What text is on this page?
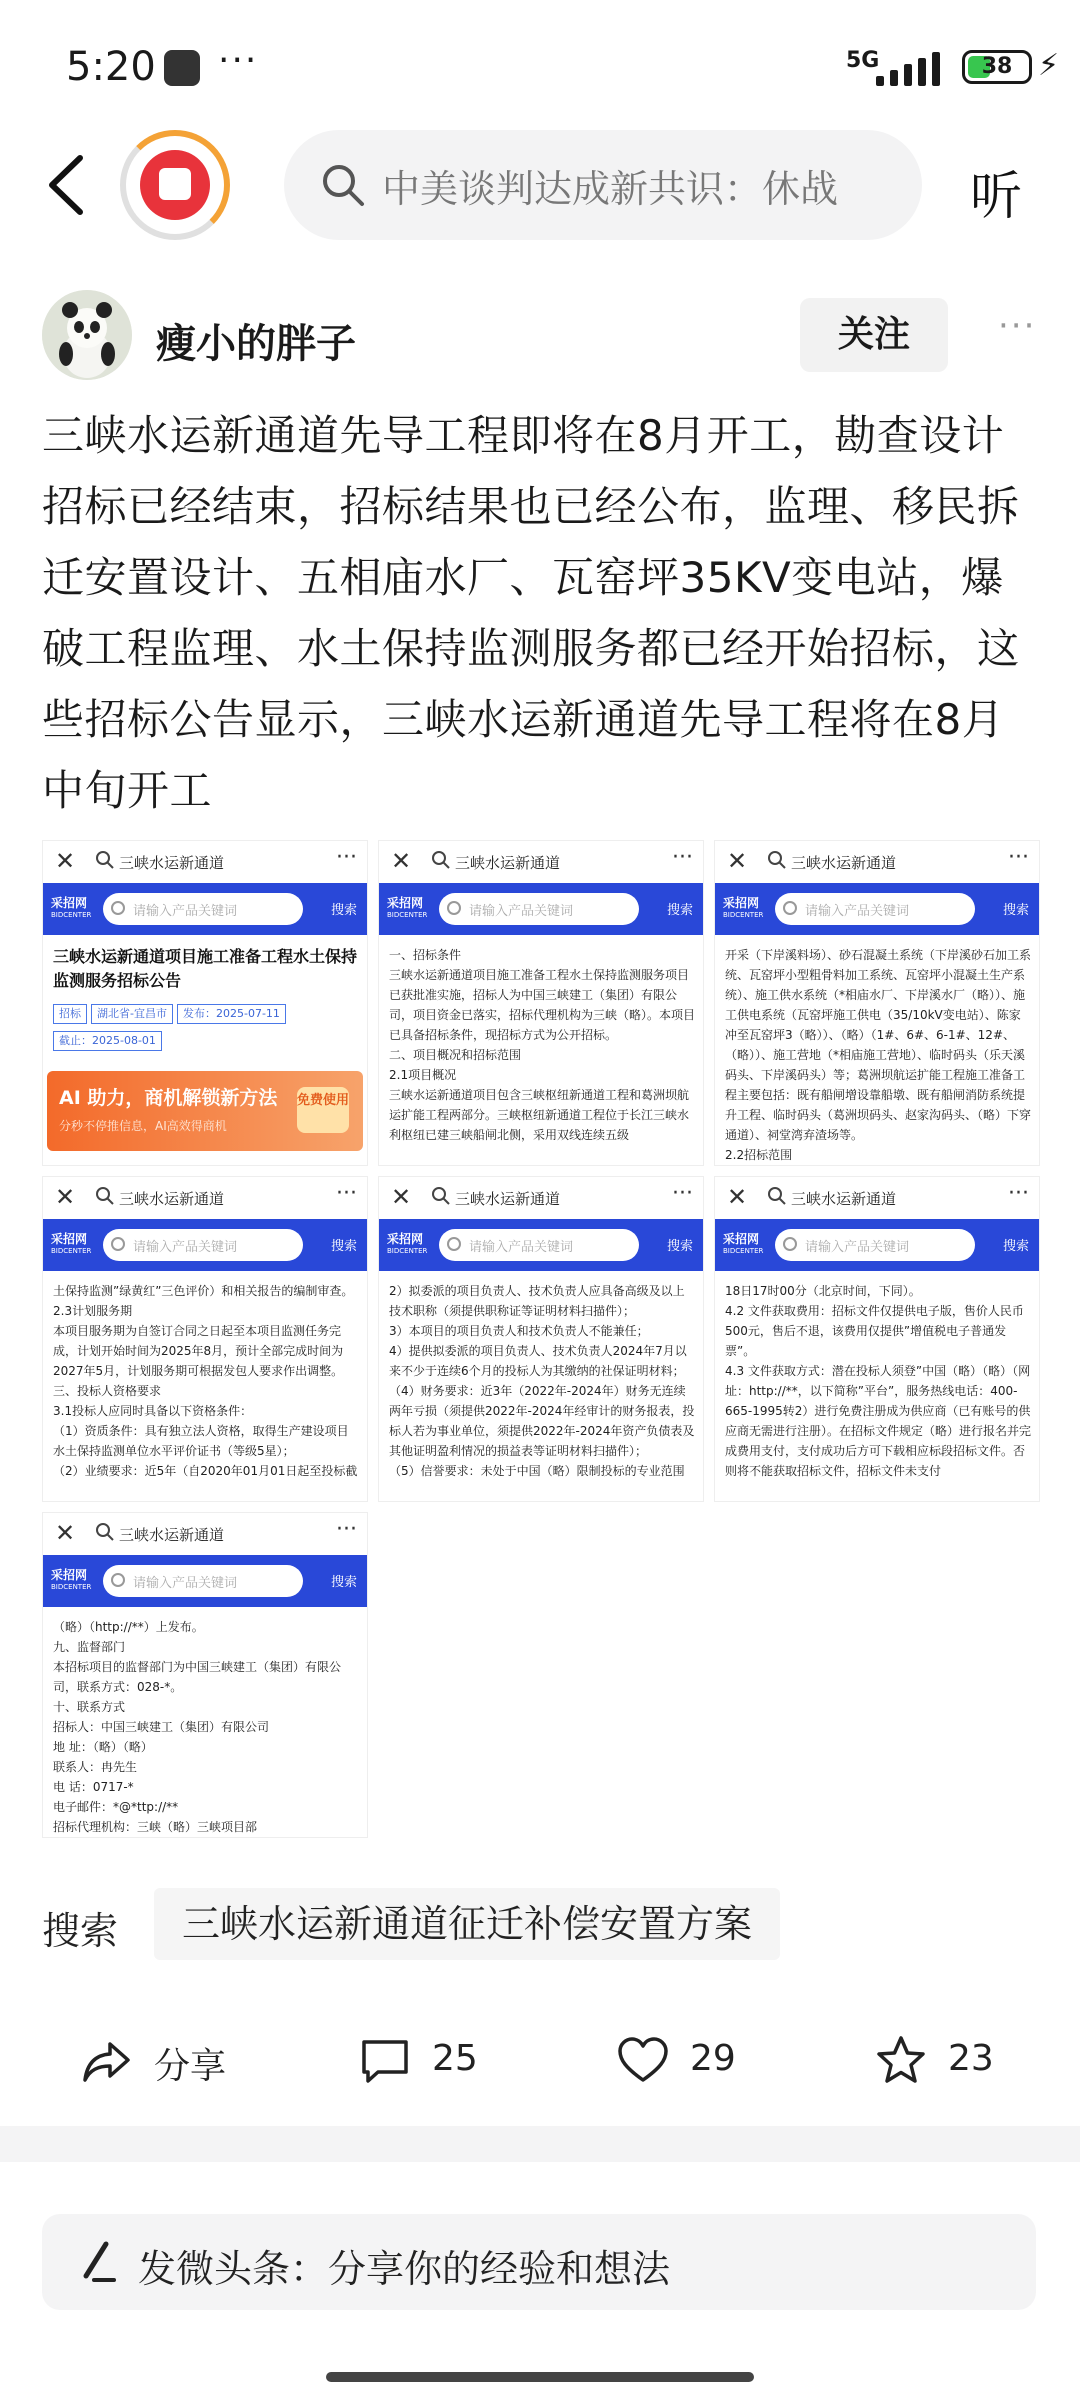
5:20 ···	5G	38 ⚡
中美谈判达成新共识：休战	听
瘦小的胖子	关注	···
三峡水运新通道先导工程即将在8月开工，勘查设计招标已经结束，招标结果也已经公布，监理、移民拆迁安置设计、五相庙水厂、瓦窑坪35KV变电站，爆破工程监理、水土保持监测服务都已经开始招标，这些招标公告显示，三峡水运新通道先导工程将在8月中旬开工
✕	三峡水运新通道	···
采招网
BIDCENTER	请输入产品关键词	搜索
三峡水运新通道项目施工准备工程水土保持监测服务招标公告
招标 湖北省-宜昌市 发布：2025-07-11截止：2025-08-01
AI 助力，商机解锁新方法
分秒不停推信息，AI高效得商机
免费使用
✕	三峡水运新通道	···
采招网
BIDCENTER	请输入产品关键词	搜索

一、招标条件

三峡水运新通道项目施工准备工程水土保持监测服务项目已获批准实施，招标人为中国三峡建工（集团）有限公司，项目资金已落实，招标代理机构为三峡（略）。本项目已具备招标条件，现招标方式为公开招标。

二、项目概况和招标范围

2.1项目概况

三峡水运新通道项目包含三峡枢纽新通道工程和葛洲坝航运扩能工程两部分。三峡枢纽新通道工程位于长江三峡水利枢纽已建三峡船闸北侧，采用双线连续五级

✕	三峡水运新通道	···
采招网
BIDCENTER	请输入产品关键词	搜索

开采（下岸溪料场）、砂石混凝土系统（下岸溪砂石加工系统、瓦窑坪小型粗骨料加工系统、瓦窑坪小混凝土生产系统）、施工供水系统（*相庙水厂、下岸溪水厂（略））、施工供电系统（瓦窑坪施工供电（35/10kV变电站）、陈家冲至瓦窑坪3（略））、（略）（1#、6#、6-1#、12#、（略））、施工营地（*相庙施工营地）、临时码头（乐天溪码头、下岸溪码头）等；葛洲坝航运扩能工程施工准备工程主要包括：既有船闸增设靠船墩、既有船闸消防系统提升工程、临时码头（葛洲坝码头、赵家沟码头、（略）下穿通道）、祠堂湾弃渣场等。

2.2招标范围

✕	三峡水运新通道	···
采招网
BIDCENTER	请输入产品关键词	搜索

土保持监测”绿黄红”三色评价）和相关报告的编制审查。

2.3计划服务期

本项目服务期为自签订合同之日起至本项目监测任务完成，计划开始时间为2025年8月，预计全部完成时间为2027年5月，计划服务期可根据发包人要求作出调整。

三、投标人资格要求

3.1投标人应同时具备以下资格条件：

（1）资质条件：具有独立法人资格，取得生产建设项目水土保持监测单位水平评价证书（等级5星）；

（2）业绩要求：近5年（自2020年01月01日起至投标截

✕	三峡水运新通道	···
采招网
BIDCENTER	请输入产品关键词	搜索

2）拟委派的项目负责人、技术负责人应具备高级及以上技术职称（须提供职称证等证明材料扫描件）；

3）本项目的项目负责人和技术负责人不能兼任；

4）提供拟委派的项目负责人、技术负责人2024年7月以来不少于连续6个月的投标人为其缴纳的社保证明材料；

（4）财务要求：近3年（2022年-2024年）财务无连续两年亏损（须提供2022年-2024年经审计的财务报表，投标人若为事业单位，须提供2022年-2024年资产负债表及其他证明盈利情况的损益表等证明材料扫描件）；

（5）信誉要求：未处于中国（略）限制投标的专业范围

✕	三峡水运新通道	···
采招网
BIDCENTER	请输入产品关键词	搜索

18日17时00分（北京时间，下同）。

4.2 文件获取费用：招标文件仅提供电子版，售价人民币500元，售后不退，该费用仅提供”增值税电子普通发票”。

4.3 文件获取方式：潜在投标人须登”中国（略）（略）（网址：http://**，以下简称”平台”，服务热线电话：400-665-1995转2）进行免费注册成为供应商（已有账号的供应商无需进行注册）。在招标文件规定（略）进行报名并完成费用支付，支付成功后方可下载相应标段招标文件。否则将不能获取招标文件，招标文件未支付

✕	三峡水运新通道	···
采招网
BIDCENTER	请输入产品关键词	搜索

（略）（http://**）上发布。

九、监督部门

本招标项目的监督部门为中国三峡建工（集团）有限公司，联系方式：028-*。

十、联系方式

招标人：中国三峡建工（集团）有限公司

地 址：（略）（略）

联系人：冉先生

电 话：0717-*

电子邮件：*@*ttp://**

招标代理机构：三峡（略）三峡项目部

搜索	三峡水运新通道征迁补偿安置方案
分享	25	29	23
发微头条：分享你的经验和想法
